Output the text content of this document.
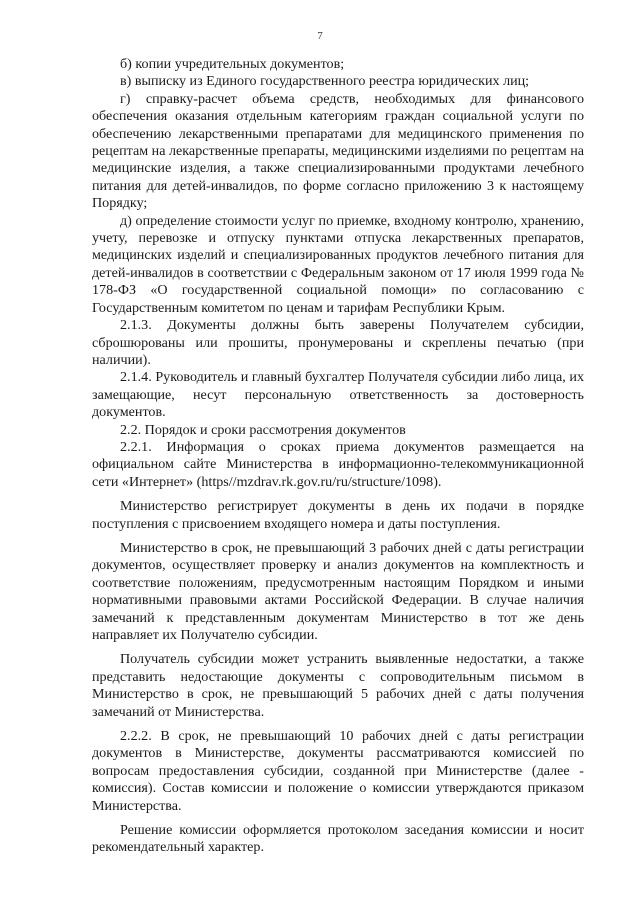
7

б) копии учредительных документов;

в) выписку из Единого государственного реестра юридических лиц;

г) справку-расчет объема средств, необходимых для финансового обеспечения оказания отдельным категориям граждан социальной услуги по обеспечению лекарственными препаратами для медицинского применения по рецептам на лекарственные препараты, медицинскими изделиями по рецептам на медицинские изделия, а также специализированными продуктами лечебного питания для детей-инвалидов, по форме согласно приложению 3 к настоящему Порядку;

д) определение стоимости услуг по приемке, входному контролю, хранению, учету, перевозке и отпуску пунктами отпуска лекарственных препаратов, медицинских изделий и специализированных продуктов лечебного питания для детей-инвалидов в соответствии с Федеральным законом от 17 июля 1999 года № 178-ФЗ «О государственной социальной помощи» по согласованию с Государственным комитетом по ценам и тарифам Республики Крым.

2.1.3. Документы должны быть заверены Получателем субсидии, сброшюрованы или прошиты, пронумерованы и скреплены печатью (при наличии).

2.1.4. Руководитель и главный бухгалтер Получателя субсидии либо лица, их замещающие, несут персональную ответственность за достоверность документов.

2.2. Порядок и сроки рассмотрения документов

2.2.1. Информация о сроках приема документов размещается на официальном сайте Министерства в информационно-телекоммуникационной сети «Интернет» (https//mzdrav.rk.gov.ru/ru/structure/1098).

Министерство регистрирует документы в день их подачи в порядке поступления с присвоением входящего номера и даты поступления.

Министерство в срок, не превышающий 3 рабочих дней с даты регистрации документов, осуществляет проверку и анализ документов на комплектность и соответствие положениям, предусмотренным настоящим Порядком и иными нормативными правовыми актами Российской Федерации. В случае наличия замечаний к представленным документам Министерство в тот же день направляет их Получателю субсидии.

Получатель субсидии может устранить выявленные недостатки, а также представить недостающие документы с сопроводительным письмом в Министерство в срок, не превышающий 5 рабочих дней с даты получения замечаний от Министерства.

2.2.2. В срок, не превышающий 10 рабочих дней с даты регистрации документов в Министерстве, документы рассматриваются комиссией по вопросам предоставления субсидии, созданной при Министерстве (далее - комиссия). Состав комиссии и положение о комиссии утверждаются приказом Министерства.

Решение комиссии оформляется протоколом заседания комиссии и носит рекомендательный характер.
